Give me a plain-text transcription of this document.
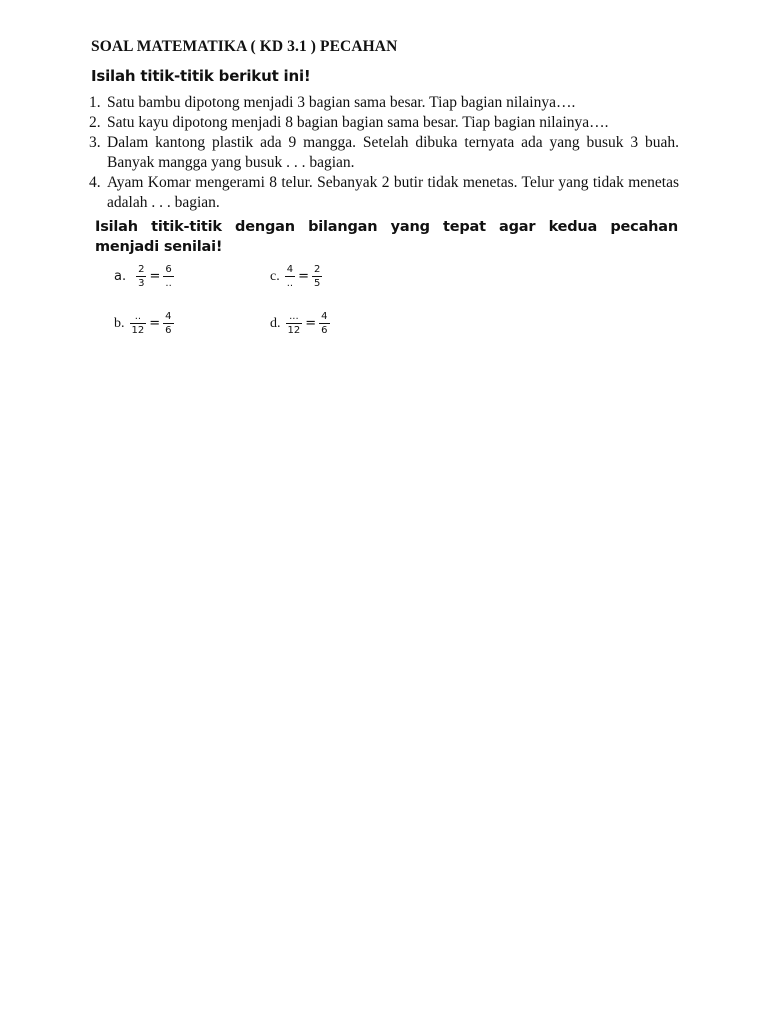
SOAL MATEMATIKA ( KD 3.1 ) PECAHAN
Isilah titik-titik berikut ini!
1. Satu bambu dipotong menjadi 3 bagian sama besar. Tiap bagian nilainya….
2. Satu kayu dipotong menjadi 8 bagian bagian sama besar. Tiap bagian nilainya….
3. Dalam kantong plastik ada 9 mangga. Setelah dibuka ternyata ada yang busuk 3 buah. Banyak mangga yang busuk . . . bagian.
4. Ayam Komar mengerami 8 telur. Sebanyak 2 butir tidak menetas. Telur yang tidak menetas adalah . . . bagian.
Isilah titik-titik dengan bilangan yang tepat agar kedua pecahan menjadi senilai!
a. $\frac{2}{3} = \frac{6}{..}$	c. $\frac{4}{..} = \frac{2}{5}$
b. $\frac{..}{12} = \frac{4}{6}$	d. $\frac{...}{12} = \frac{4}{6}$
